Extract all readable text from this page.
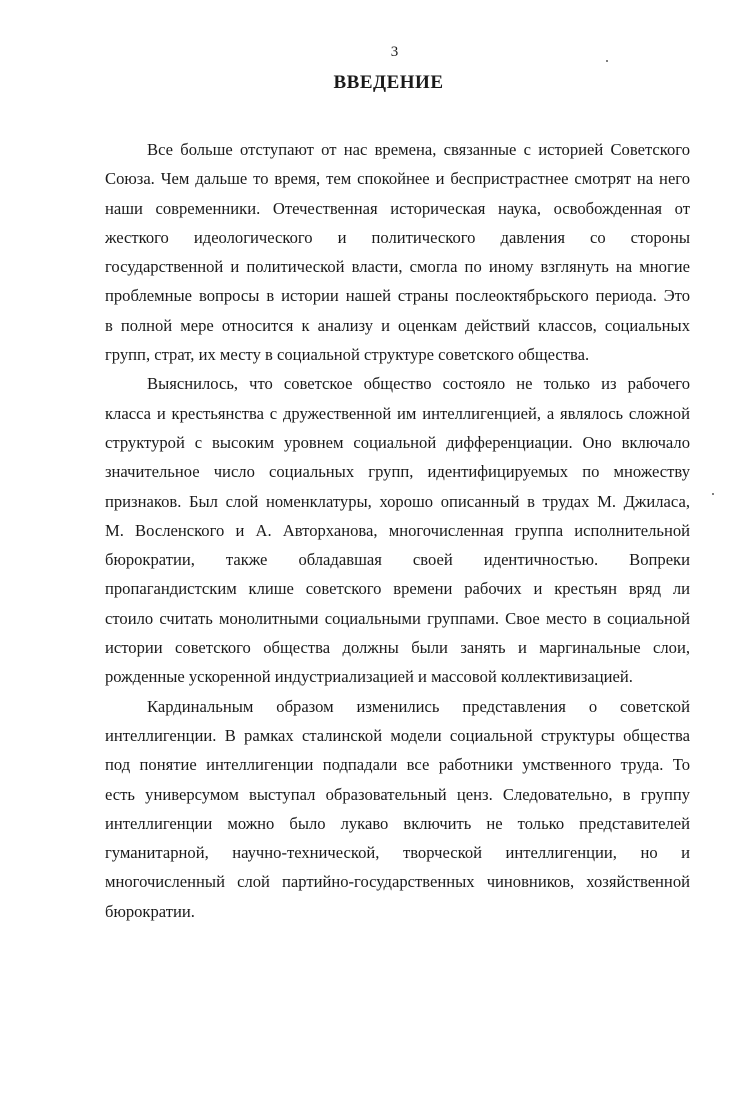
3
ВВЕДЕНИЕ
Все больше отступают от нас времена, связанные с историей Советского
Союза. Чем дальше то время, тем спокойнее и беспристрастнее смотрят на него
наши современники. Отечественная историческая наука, освобожденная от
жесткого идеологического и политического давления со стороны
государственной и политической власти, смогла по иному взглянуть на многие
проблемные вопросы в истории нашей страны послеоктябрьского периода. Это
в полной мере относится к анализу и оценкам действий классов, социальных
групп, страт, их месту в социальной структуре советского общества.
Выяснилось, что советское общество состояло не только из рабочего
класса и крестьянства с дружественной им интеллигенцией, а являлось сложной
структурой с высоким уровнем социальной дифференциации. Оно включало
значительное число социальных групп, идентифицируемых по множеству
признаков. Был слой номенклатуры, хорошо описанный в трудах М. Джиласа,
М. Восленского и А. Авторханова, многочисленная группа исполнительной
бюрократии, также обладавшая своей идентичностью. Вопреки
пропагандистским клише советского времени рабочих и крестьян вряд ли
стоило считать монолитными социальными группами. Свое место в социальной
истории советского общества должны были занять и маргинальные слои,
рожденные ускоренной индустриализацией и массовой коллективизацией.
Кардинальным образом изменились представления о советской
интеллигенции. В рамках сталинской модели социальной структуры общества
под понятие интеллигенции подпадали все работники умственного труда. То
есть универсумом выступал образовательный ценз. Следовательно, в группу
интеллигенции можно было лукаво включить не только представителей
гуманитарной, научно-технической, творческой интеллигенции, но и
многочисленный слой партийно-государственных чиновников, хозяйственной
бюрократии.
